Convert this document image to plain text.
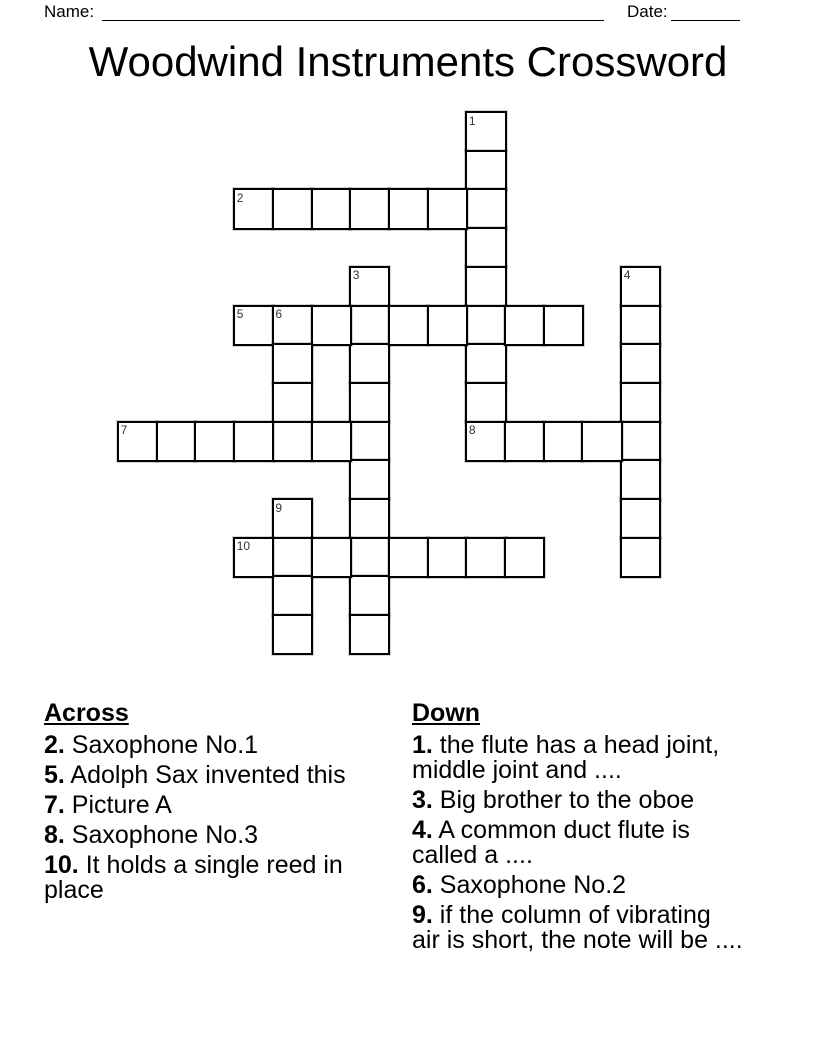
Name:	Date:
Woodwind Instruments Crossword
1
2
3	4
5	6
7	8
9
10
Across
2. Saxophone No.1
5. Adolph Sax invented this
7. Picture A
8. Saxophone No.3
10. It holds a single reed in
place
Down
1. the flute has a head joint,
middle joint and ....
3. Big brother to the oboe
4. A common duct flute is
called a ....
6. Saxophone No.2
9. if the column of vibrating
air is short, the note will be ....
